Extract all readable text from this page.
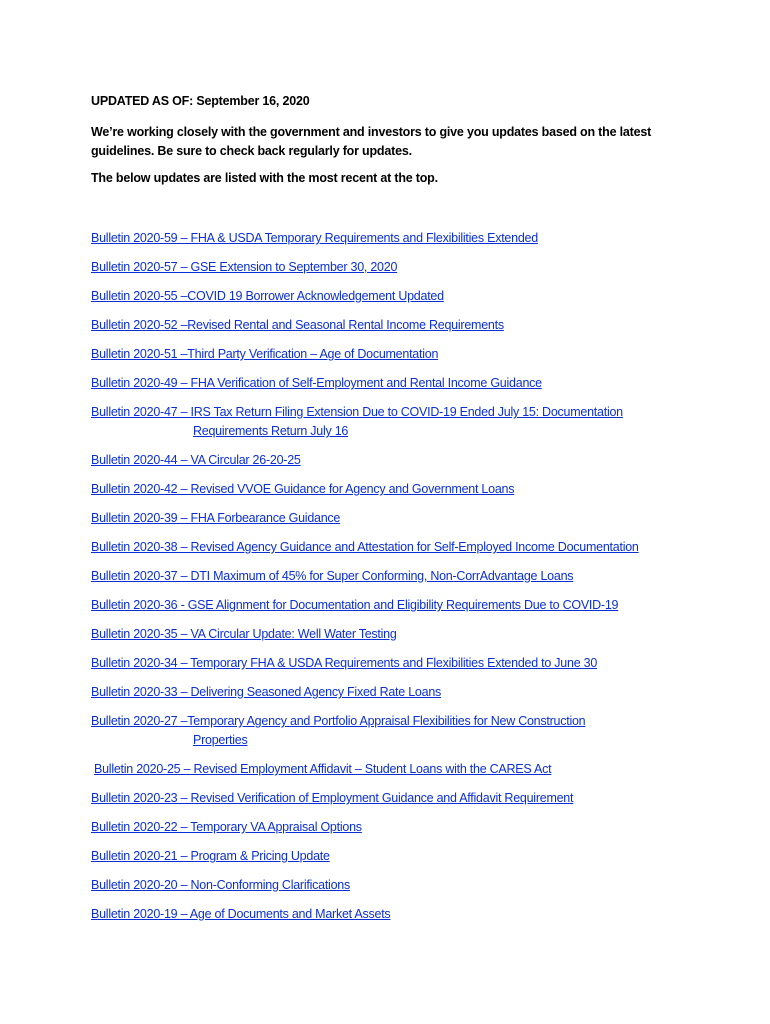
UPDATED AS OF: September 16, 2020

We’re working closely with the government and investors to give you updates based on the latest guidelines. Be sure to check back regularly for updates.

The below updates are listed with the most recent at the top.

Bulletin 2020-59 – FHA & USDA Temporary Requirements and Flexibilities Extended
Bulletin 2020-57 – GSE Extension to September 30, 2020
Bulletin 2020-55 –COVID 19 Borrower Acknowledgement Updated
Bulletin 2020-52 –Revised Rental and Seasonal Rental Income Requirements
Bulletin 2020-51 –Third Party Verification – Age of Documentation
Bulletin 2020-49 – FHA Verification of Self-Employment and Rental Income Guidance
Bulletin 2020-47 – IRS Tax Return Filing Extension Due to COVID-19 Ended July 15: Documentation
Requirements Return July 16
Bulletin 2020-44 – VA Circular 26-20-25
Bulletin 2020-42 – Revised VVOE Guidance for Agency and Government Loans
Bulletin 2020-39 – FHA Forbearance Guidance
Bulletin 2020-38 – Revised Agency Guidance and Attestation for Self-Employed Income Documentation
Bulletin 2020-37 – DTI Maximum of 45% for Super Conforming, Non-CorrAdvantage Loans
Bulletin 2020-36 - GSE Alignment for Documentation and Eligibility Requirements Due to COVID-19
Bulletin 2020-35 – VA Circular Update: Well Water Testing
Bulletin 2020-34 – Temporary FHA & USDA Requirements and Flexibilities Extended to June 30
Bulletin 2020-33 – Delivering Seasoned Agency Fixed Rate Loans
Bulletin 2020-27 –Temporary Agency and Portfolio Appraisal Flexibilities for New Construction
Properties
Bulletin 2020-25 – Revised Employment Affidavit – Student Loans with the CARES Act
Bulletin 2020-23 – Revised Verification of Employment Guidance and Affidavit Requirement
Bulletin 2020-22 – Temporary VA Appraisal Options
Bulletin 2020-21 – Program & Pricing Update
Bulletin 2020-20 – Non-Conforming Clarifications
Bulletin 2020-19 – Age of Documents and Market Assets
